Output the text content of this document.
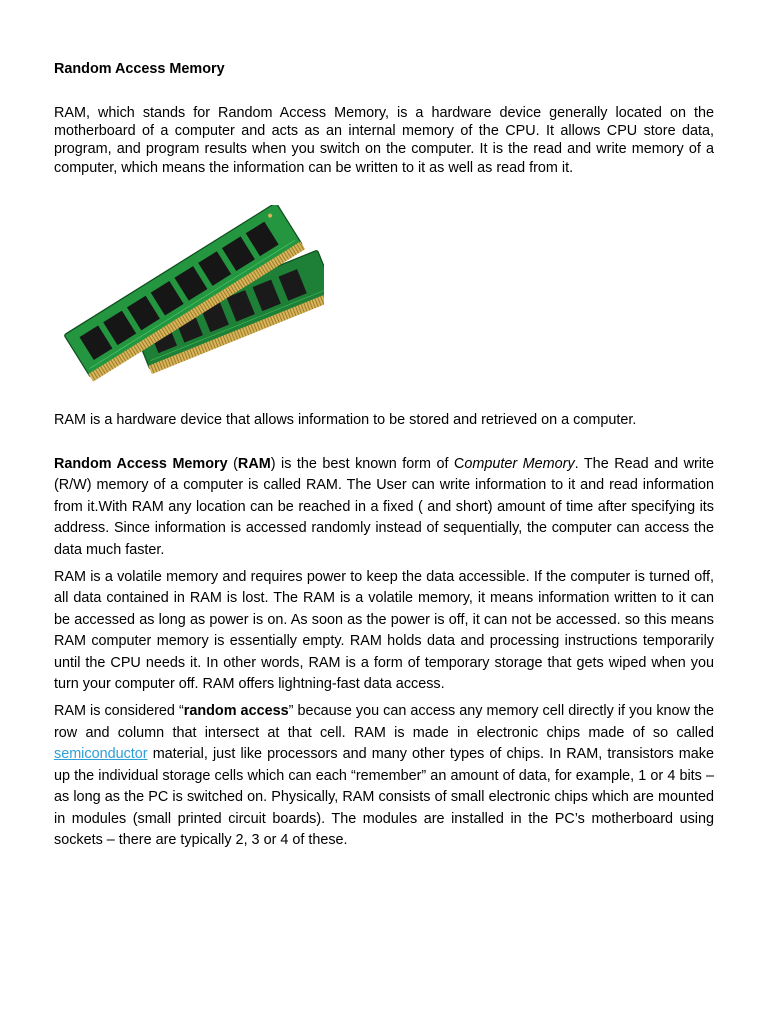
Random Access Memory

RAM, which stands for Random Access Memory, is a hardware device generally located on the motherboard of a computer and acts as an internal memory of the CPU. It allows CPU store data, program, and program results when you switch on the computer. It is the read and write memory of a computer, which means the information can be written to it as well as read from it.

RAM is a hardware device that allows information to be stored and retrieved on a computer.

Random Access Memory (RAM) is the best known form of Computer Memory. The Read and write (R/W) memory of a computer is called RAM. The User can write information to it and read information from it.With RAM any location can be reached in a fixed ( and short) amount of time after specifying its address. Since information is accessed randomly instead of sequentially, the computer can access the data much faster.

RAM is a volatile memory and requires power to keep the data accessible. If the computer is turned off, all data contained in RAM is lost. The RAM is a volatile memory, it means information written to it can be accessed as long as power is on. As soon as the power is off, it can not be accessed. so this means RAM computer memory is essentially empty. RAM holds data and processing instructions temporarily until the CPU needs it. In other words, RAM is a form of temporary storage that gets wiped when you turn your computer off. RAM offers lightning-fast data access.

RAM is considered “random access” because you can access any memory cell directly if you know the row and column that intersect at that cell. RAM is made in electronic chips made of so called semiconductor material, just like processors and many other types of chips. In RAM, transistors make up the individual storage cells which can each “remember” an amount of data, for example, 1 or 4 bits – as long as the PC is switched on. Physically, RAM consists of small electronic chips which are mounted in modules (small printed circuit boards). The modules are installed in the PC’s motherboard using sockets – there are typically 2, 3 or 4 of these.
